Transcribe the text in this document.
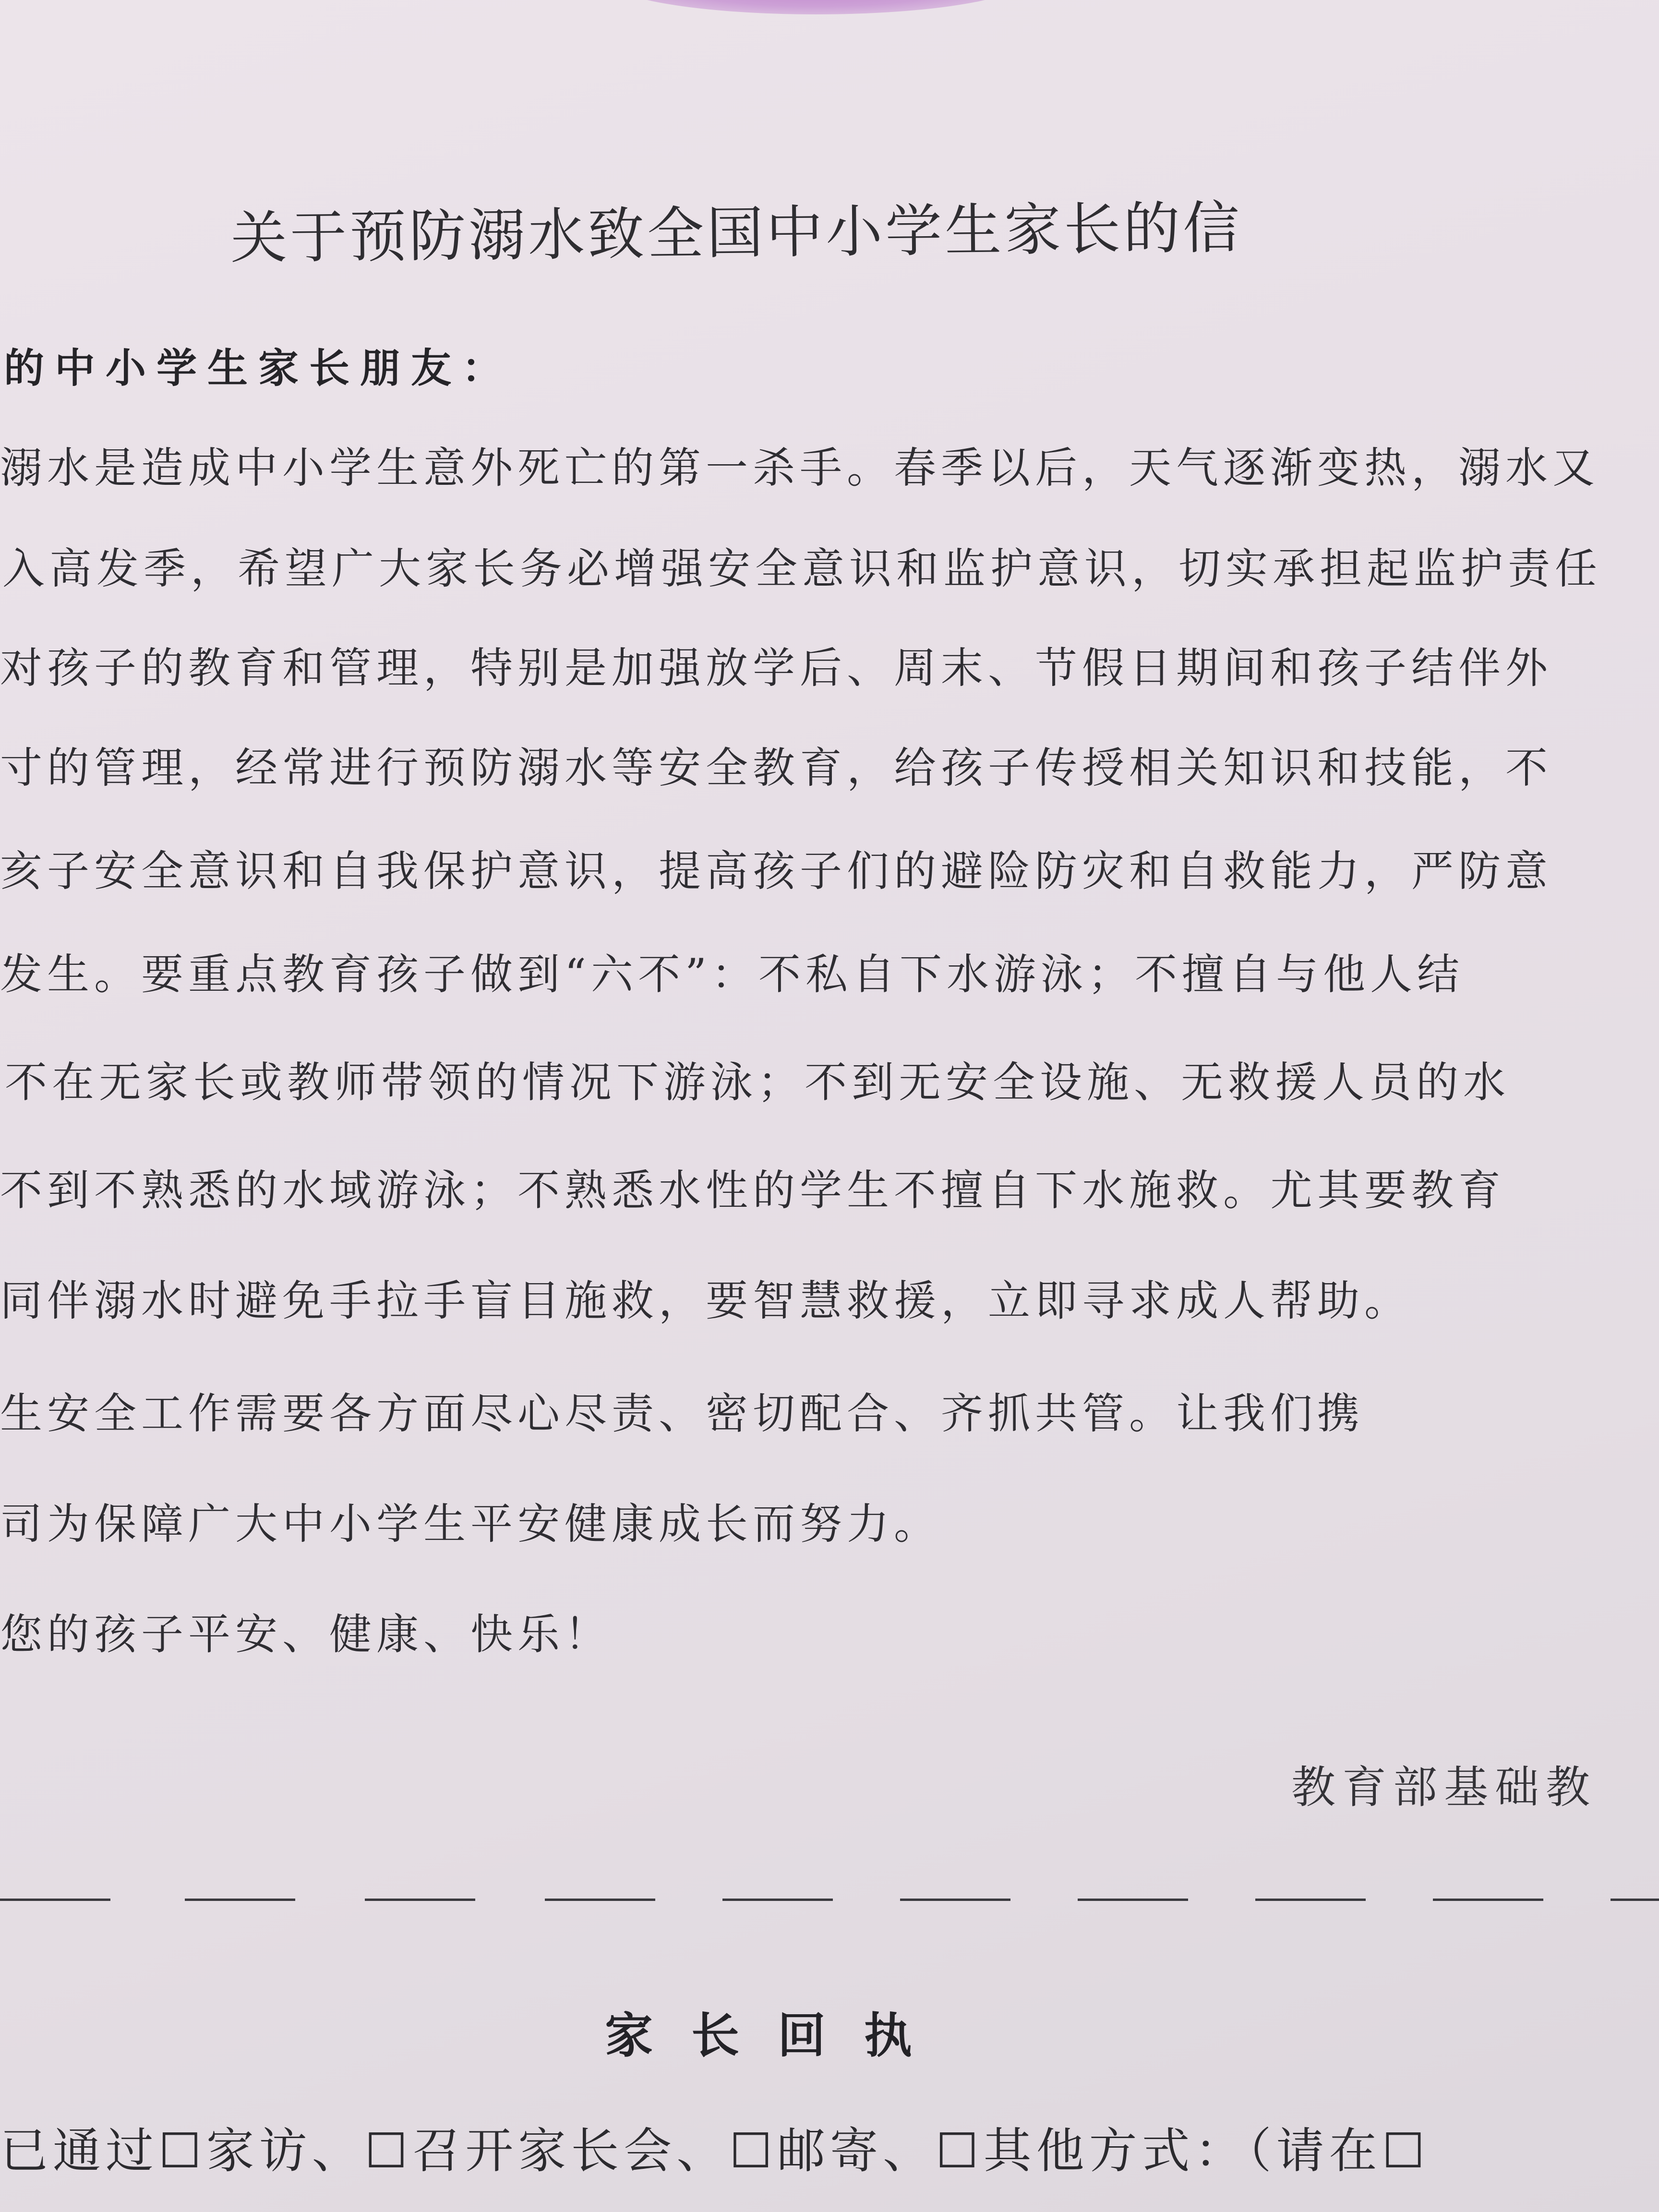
关于预防溺水致全国中小学生家长的信
的中小学生家长朋友：
溺水是造成中小学生意外死亡的第一杀手。春季以后，天气逐渐变热，溺水又
入高发季，希望广大家长务必增强安全意识和监护意识，切实承担起监护责任
对孩子的教育和管理，特别是加强放学后、周末、节假日期间和孩子结伴外
寸的管理，经常进行预防溺水等安全教育，给孩子传授相关知识和技能，不
亥子安全意识和自我保护意识，提高孩子们的避险防灾和自救能力，严防意
发生。要重点教育孩子做到“六不”：不私自下水游泳；不擅自与他人结
不在无家长或教师带领的情况下游泳；不到无安全设施、无救援人员的水
不到不熟悉的水域游泳；不熟悉水性的学生不擅自下水施救。尤其要教育
同伴溺水时避免手拉手盲目施救，要智慧救援，立即寻求成人帮助。
生安全工作需要各方面尽心尽责、密切配合、齐抓共管。让我们携
司为保障广大中小学生平安健康成长而努力。
您的孩子平安、健康、快乐！
教育部基础教
家长回执
已通过☐家访、☐召开家长会、☐邮寄、☐其他方式：（请在☐
